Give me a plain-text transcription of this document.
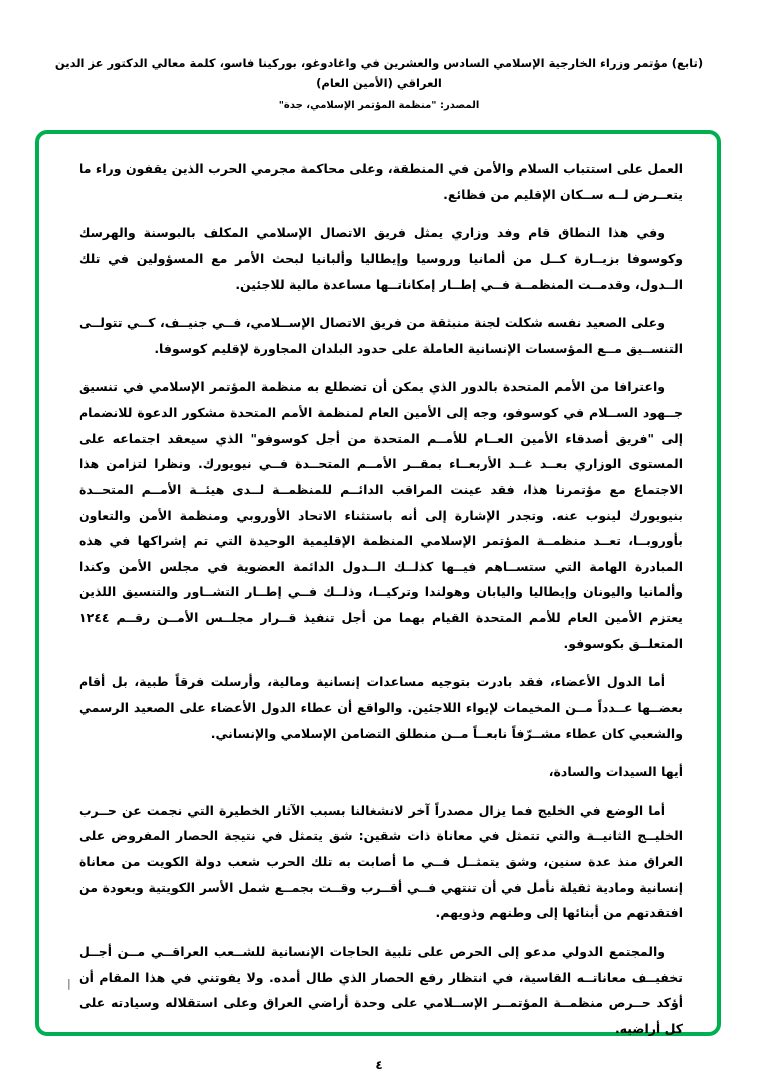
(تابع) مؤتمر وزراء الخارجية الإسلامي السادس والعشرين في واغادوغو، بوركينا فاسو، كلمة معالي الدكتور عز الدين العراقي (الأمين العام)
المصدر: "منظمة المؤتمر الإسلامي، جدة"

العمل على استتباب السلام والأمن في المنطقة، وعلى محاكمة مجرمي الحرب الذين يقفون وراء ما يتعــرض لــه ســكان الإقليم من فظائع.

وفي هذا النطاق قام وفد وزاري يمثل فريق الاتصال الإسلامي المكلف بالبوسنة والهرسك وكوسوفا بزيــارة كــل من ألمانيا وروسيا وإيطاليا وألبانيا لبحث الأمر مع المسؤولين في تلك الــدول، وقدمــت المنظمــة فــي إطــار إمكاناتــها مساعدة مالية للاجئين.

وعلى الصعيد نفسه شكلت لجنة منبثقة من فريق الاتصال الإســلامي، فــي جنيــف، كــي تتولــى التنســيق مــع المؤسسات الإنسانية العاملة على حدود البلدان المجاورة لإقليم كوسوفا.

واعترافا من الأمم المتحدة بالدور الذي يمكن أن تضطلع به منظمة المؤتمر الإسلامي في تنسيق جــهود الســلام في كوسوفو، وجه إلى الأمين العام لمنظمة الأمم المتحدة مشكور الدعوة للانضمام إلى "فريق أصدقاء الأمين العــام للأمــم المتحدة من أجل كوسوفو" الذي سيعقد اجتماعه على المستوى الوزاري بعــد غــد الأربعــاء بمقــر الأمــم المتحــدة فــي نيويورك. ونظرا لتزامن هذا الاجتماع مع مؤتمرنا هذا، فقد عينت المراقب الدائــم للمنظمــة لــدى هيئــة الأمــم المتحــدة بنيويورك لينوب عنه. وتجدر الإشارة إلى أنه باستثناء الاتحاد الأوروبي ومنظمة الأمن والتعاون بأوروبــا، تعــد منظمــة المؤتمر الإسلامي المنظمة الإقليمية الوحيدة التي تم إشراكها في هذه المبادرة الهامة التي ستســاهم فيــها كذلــك الــدول الدائمة العضوية في مجلس الأمن وكندا وألمانيا واليونان وإيطاليا واليابان وهولندا وتركيــا، وذلــك فــي إطــار التشــاور والتنسيق اللذين يعتزم الأمين العام للأمم المتحدة القيام بهما من أجل تنفيذ قــرار مجلــس الأمــن رقــم ١٢٤٤ المتعلــق بكوسوفو.

أما الدول الأعضاء، فقد بادرت بتوجيه مساعدات إنسانية ومالية، وأرسلت فرقاً طبية، بل أقام بعضــها عــدداً مــن المخيمات لإيواء اللاجئين. والواقع أن عطاء الدول الأعضاء على الصعيد الرسمي والشعبي كان عطاء مشــرّفاً نابعــاً مــن منطلق التضامن الإسلامي والإنساني.

أيها السيدات والسادة،

أما الوضع في الخليج فما يزال مصدراً آخر لانشغالنا بسبب الآثار الخطيرة التي نجمت عن حــرب الخليــج الثانيــة والتي تتمثل في معاناة ذات شقين: شق يتمثل في نتيجة الحصار المفروض على العراق منذ عدة سنين، وشق يتمثــل فــي ما أصابت به تلك الحرب شعب دولة الكويت من معاناة إنسانية ومادية ثقيلة نأمل في أن تنتهي فــي أقــرب وقــت بجمــع شمل الأسر الكويتية وبعودة من افتقدتهم من أبنائها إلى وطنهم وذويهم.

والمجتمع الدولي مدعو إلى الحرص على تلبية الحاجات الإنسانية للشــعب العراقــي مــن أجــل تخفيــف معاناتــه القاسية، في انتظار رفع الحصار الذي طال أمده. ولا يفوتني في هذا المقام أن أؤكد حــرص منظمــة المؤتمــر الإســلامي على وحدة أراضي العراق وعلى استقلاله وسيادته على كل أراضيه.

|
٤
